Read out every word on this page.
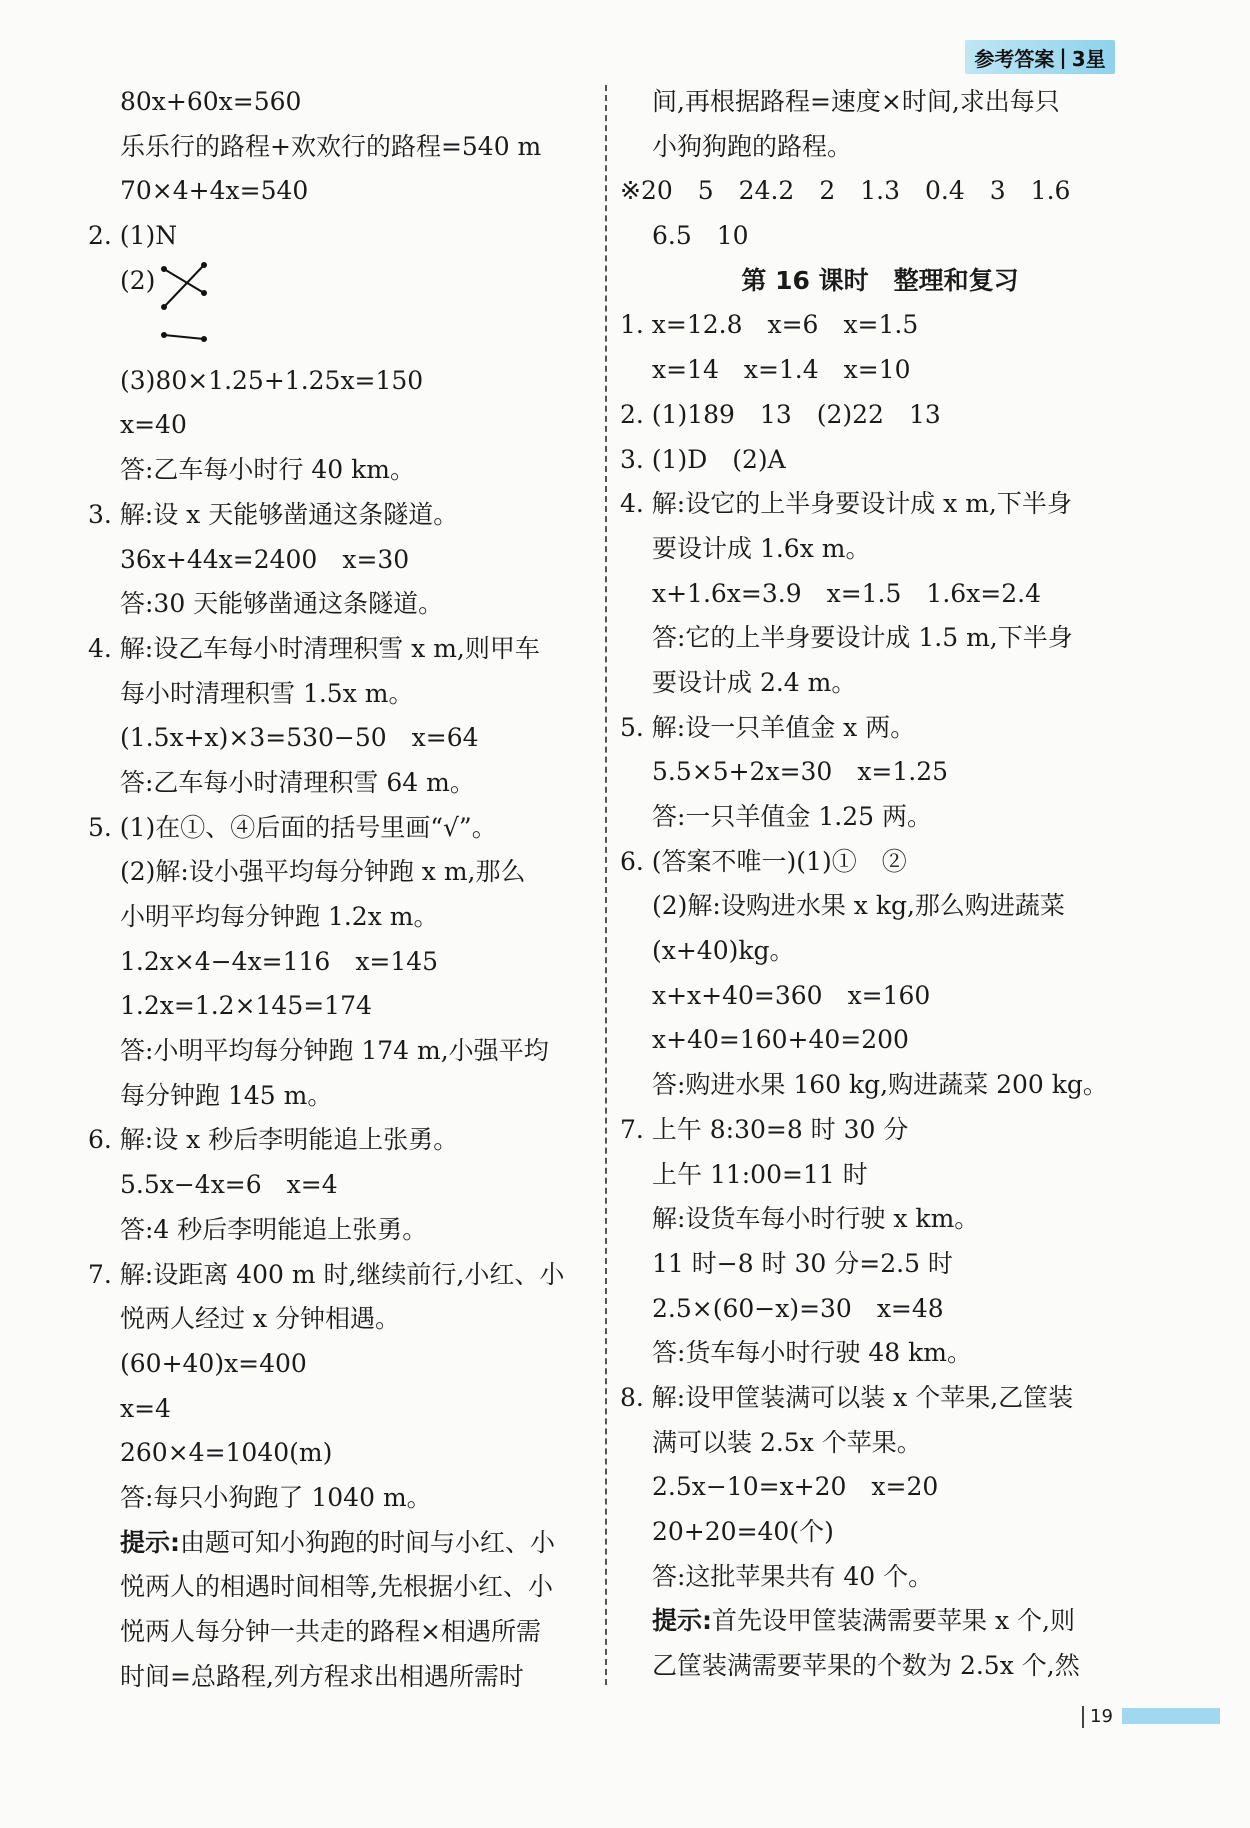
参考答案 | 3星
80x+60x=560
乐乐行的路程+欢欢行的路程=540 m
70×4+4x=540
2. (1)N
(2)
(3)80×1.25+1.25x=150
x=40
答:乙车每小时行 40 km。
3. 解:设 x 天能够凿通这条隧道。
36x+44x=2400　x=30
答:30 天能够凿通这条隧道。
4. 解:设乙车每小时清理积雪 x m,则甲车
每小时清理积雪 1.5x m。
(1.5x+x)×3=530−50　x=64
答:乙车每小时清理积雪 64 m。
5. (1)在①、④后面的括号里画“√”。
(2)解:设小强平均每分钟跑 x m,那么
小明平均每分钟跑 1.2x m。
1.2x×4−4x=116　x=145
1.2x=1.2×145=174
答:小明平均每分钟跑 174 m,小强平均
每分钟跑 145 m。
6. 解:设 x 秒后李明能追上张勇。
5.5x−4x=6　x=4
答:4 秒后李明能追上张勇。
7. 解:设距离 400 m 时,继续前行,小红、小
悦两人经过 x 分钟相遇。
(60+40)x=400
x=4
260×4=1040(m)
答:每只小狗跑了 1040 m。
提示:由题可知小狗跑的时间与小红、小
悦两人的相遇时间相等,先根据小红、小
悦两人每分钟一共走的路程×相遇所需
时间=总路程,列方程求出相遇所需时
间,再根据路程=速度×时间,求出每只
小狗狗跑的路程。
※20　5　24.2　2　1.3　0.4　3　1.6
6.5　10
第 16 课时　整理和复习
1. x=12.8　x=6　x=1.5
x=14　x=1.4　x=10
2. (1)189　13　(2)22　13
3. (1)D　(2)A
4. 解:设它的上半身要设计成 x m,下半身
要设计成 1.6x m。
x+1.6x=3.9　x=1.5　1.6x=2.4
答:它的上半身要设计成 1.5 m,下半身
要设计成 2.4 m。
5. 解:设一只羊值金 x 两。
5.5×5+2x=30　x=1.25
答:一只羊值金 1.25 两。
6. (答案不唯一)(1)①　②
(2)解:设购进水果 x kg,那么购进蔬菜
(x+40)kg。
x+x+40=360　x=160
x+40=160+40=200
答:购进水果 160 kg,购进蔬菜 200 kg。
7. 上午 8:30=8 时 30 分
上午 11:00=11 时
解:设货车每小时行驶 x km。
11 时−8 时 30 分=2.5 时
2.5×(60−x)=30　x=48
答:货车每小时行驶 48 km。
8. 解:设甲筐装满可以装 x 个苹果,乙筐装
满可以装 2.5x 个苹果。
2.5x−10=x+20　x=20
20+20=40(个)
答:这批苹果共有 40 个。
提示:首先设甲筐装满需要苹果 x 个,则
乙筐装满需要苹果的个数为 2.5x 个,然
19
